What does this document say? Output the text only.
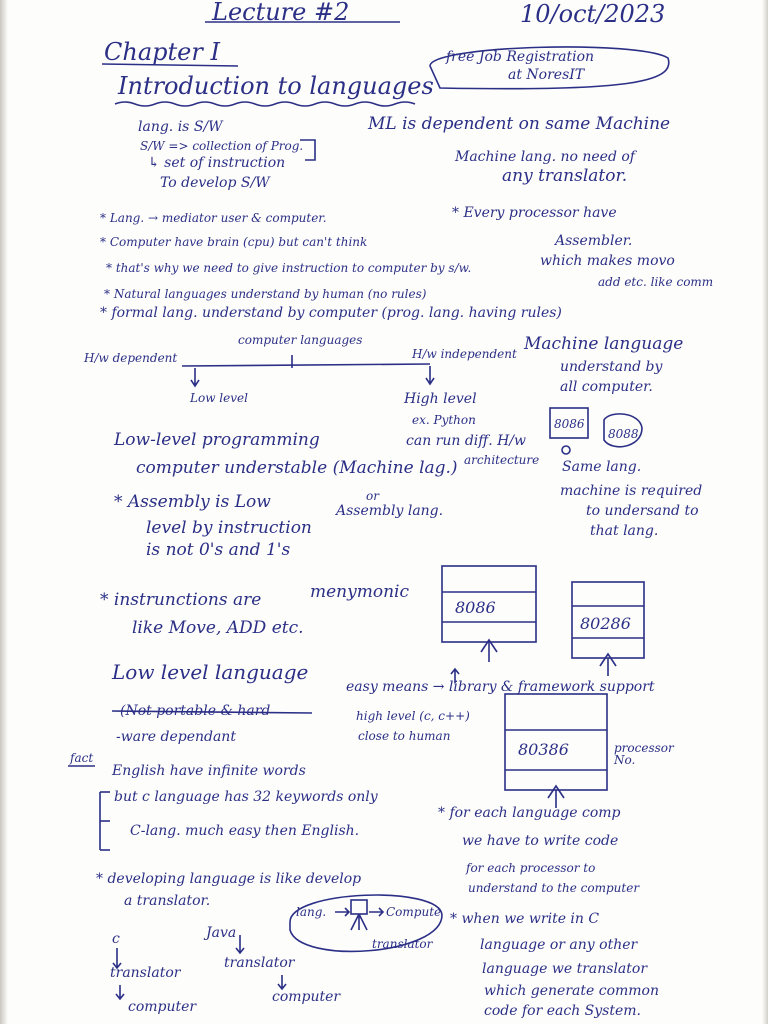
Lecture #2	10/oct/2023
free Job Registration
at NoresIT
Chapter I
Introduction to languages
lang. is S/W
S/W => collection of Prog.
↳ set of instruction
To develop S/W
ML is dependent on same Machine
Machine lang. no need of
any translator.
* Every processor have
Assembler.
which makes movo
add etc. like comm
* Lang. → mediator user & computer.
* Computer have brain (cpu) but can't think
* that's why we need to give instruction to computer by s/w.
* Natural languages understand by human (no rules)
* formal lang. understand by computer (prog. lang. having rules)
computer languages
H/w dependent	H/w independent
Low level	High level
ex. Python
can run diff. H/w
architecture
Machine language
understand by
all computer.
8086
8088
Same lang.
machine is required
to undersand to
that lang.
Low-level programming
computer understable (Machine lag.)
or
Assembly lang.
* Assembly is Low
level by instruction
is not 0's and 1's
* instrunctions are	menymonic
like Move, ADD etc.
8086
80286
80386	processor No.
Low level language
(Not portable & hard
-ware dependant
easy means → library & framework support
high level (c, c++)
close to human
fact
English have infinite words
but c language has 32 keywords only
C-lang. much easy then English.
* for each language comp
we have to write code
for each processor to
understand to the computer
* developing language is like develop
a translator.
lang.	Compute
translator
c	Java
translator
translator
computer
computer
* when we write in C
language or any other
language we translator
which generate common
code for each System.
